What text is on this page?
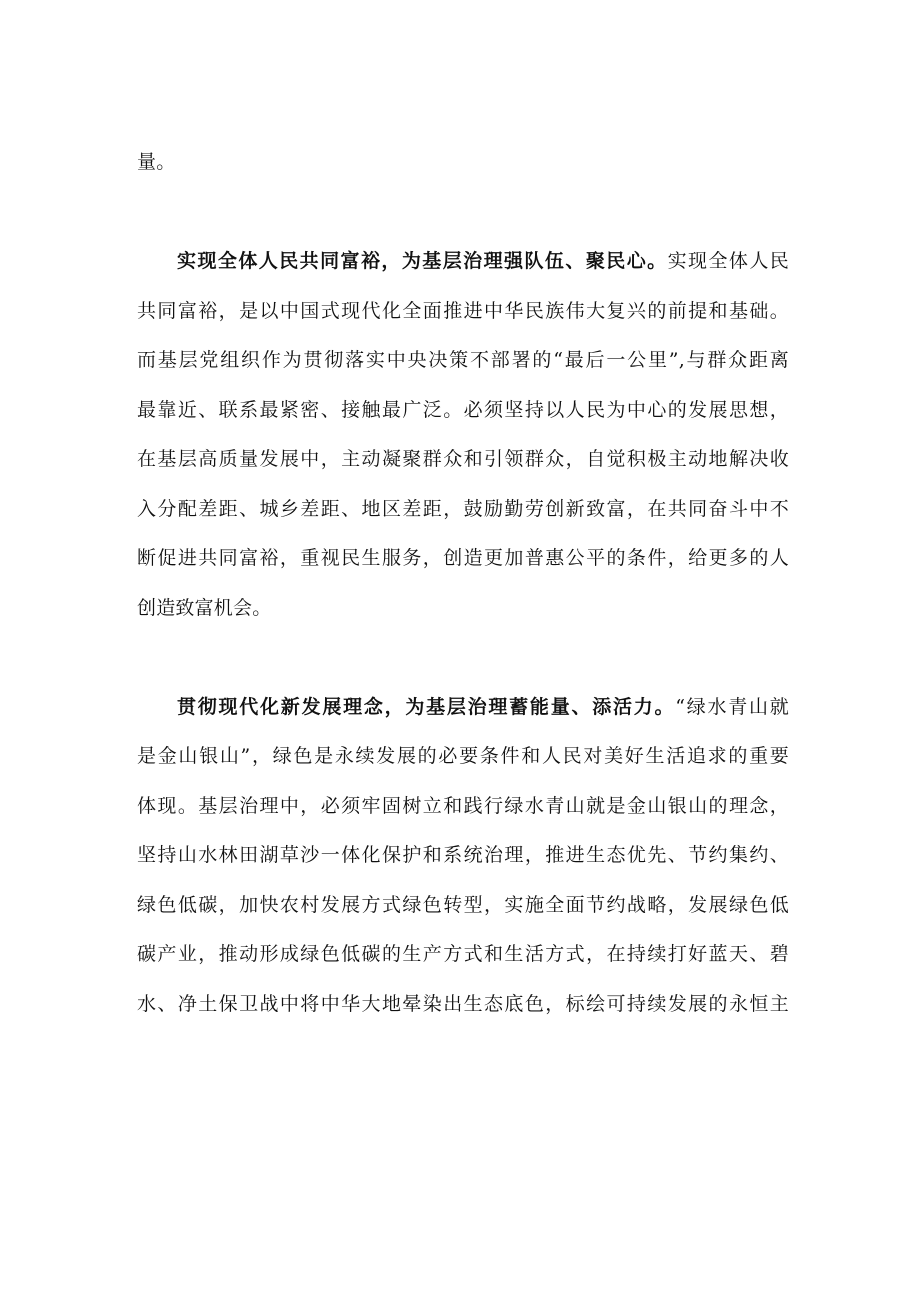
量。
实现全体人民共同富裕，为基层治理强队伍、聚民心。实现全体人民
共同富裕，是以中国式现代化全面推进中华民族伟大复兴的前提和基础。
而基层党组织作为贯彻落实中央决策不部署的“最后一公里”,与群众距离
最靠近、联系最紧密、接触最广泛。必须坚持以人民为中心的发展思想，
在基层高质量发展中，主动凝聚群众和引领群众，自觉积极主动地解决收
入分配差距、城乡差距、地区差距，鼓励勤劳创新致富，在共同奋斗中不
断促进共同富裕，重视民生服务，创造更加普惠公平的条件，给更多的人
创造致富机会。
贯彻现代化新发展理念，为基层治理蓄能量、添活力。“绿水青山就
是金山银山”，绿色是永续发展的必要条件和人民对美好生活追求的重要
体现。基层治理中，必须牢固树立和践行绿水青山就是金山银山的理念，
坚持山水林田湖草沙一体化保护和系统治理，推进生态优先、节约集约、
绿色低碳，加快农村发展方式绿色转型，实施全面节约战略，发展绿色低
碳产业，推动形成绿色低碳的生产方式和生活方式，在持续打好蓝天、碧
水、净土保卫战中将中华大地晕染出生态底色，标绘可持续发展的永恒主
